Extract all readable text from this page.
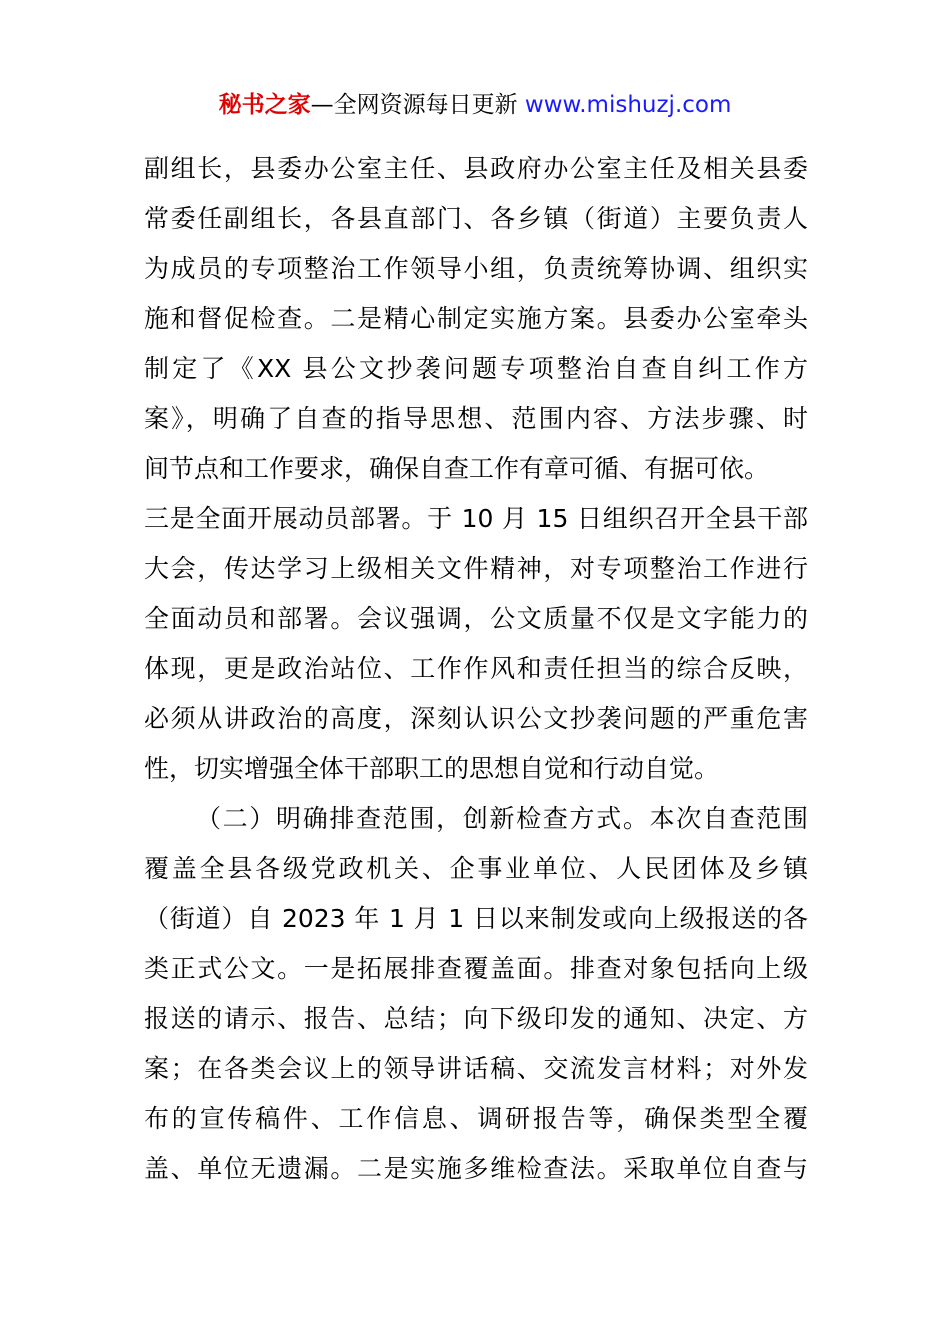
秘书之家—全网资源每日更新 www.mishuzj.com
副组长，县委办公室主任、县政府办公室主任及相关县委
常委任副组长，各县直部门、各乡镇（街道）主要负责人
为成员的专项整治工作领导小组，负责统筹协调、组织实
施和督促检查。二是精心制定实施方案。县委办公室牵头
制定了《XX 县公文抄袭问题专项整治自查自纠工作方
案》，明确了自查的指导思想、范围内容、方法步骤、时
间节点和工作要求，确保自查工作有章可循、有据可依。
三是全面开展动员部署。于 10 月 15 日组织召开全县干部
大会，传达学习上级相关文件精神，对专项整治工作进行
全面动员和部署。会议强调，公文质量不仅是文字能力的
体现，更是政治站位、工作作风和责任担当的综合反映，
必须从讲政治的高度，深刻认识公文抄袭问题的严重危害
性，切实增强全体干部职工的思想自觉和行动自觉。
（二）明确排查范围，创新检查方式。本次自查范围
覆盖全县各级党政机关、企事业单位、人民团体及乡镇
（街道）自 2023 年 1 月 1 日以来制发或向上级报送的各
类正式公文。一是拓展排查覆盖面。排查对象包括向上级
报送的请示、报告、总结；向下级印发的通知、决定、方
案；在各类会议上的领导讲话稿、交流发言材料；对外发
布的宣传稿件、工作信息、调研报告等，确保类型全覆
盖、单位无遗漏。二是实施多维检查法。采取单位自查与
